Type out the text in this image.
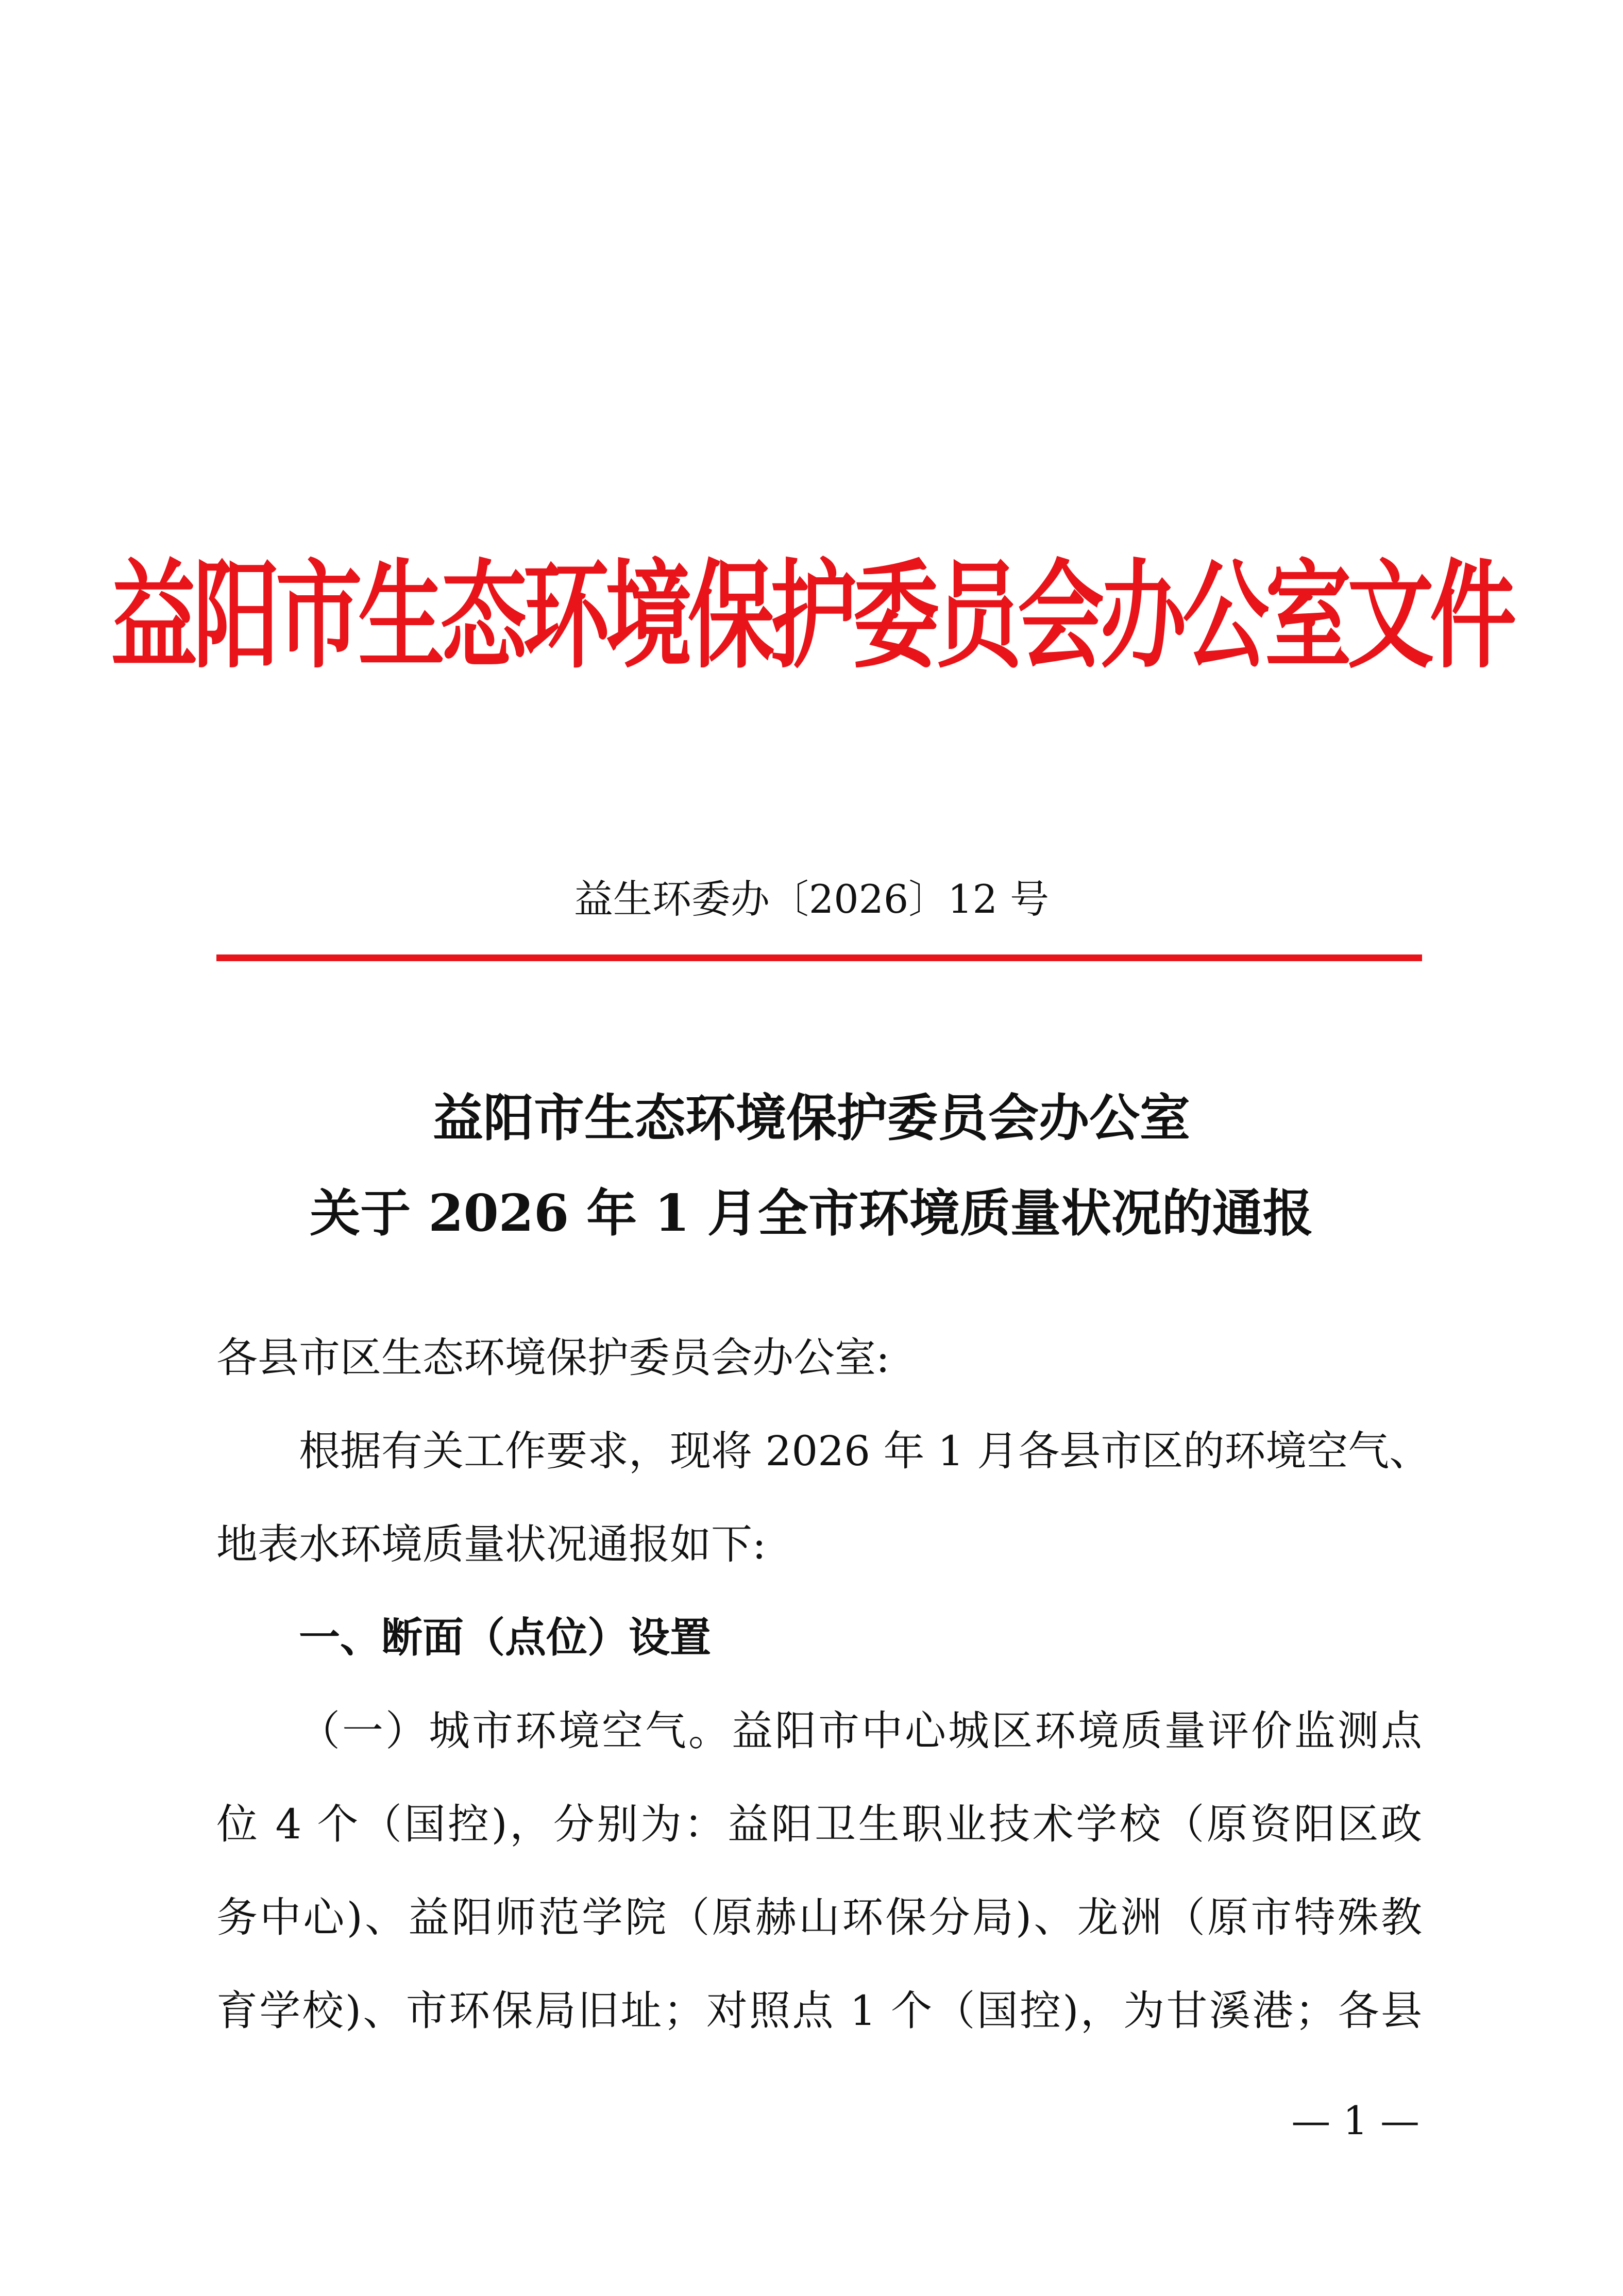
益阳市生态环境保护委员会办公室文件
益生环委办〔2026〕12 号
益阳市生态环境保护委员会办公室
关于 2026 年 1 月全市环境质量状况的通报
各县市区生态环境保护委员会办公室:
根据有关工作要求，现将 2026 年 1 月各县市区的环境空气、
地表水环境质量状况通报如下:
一、断面（点位）设置
（一）城市环境空气。益阳市中心城区环境质量评价监测点
位 4 个（国控)，分别为：益阳卫生职业技术学校（原资阳区政
务中心)、益阳师范学院（原赫山环保分局)、龙洲（原市特殊教
育学校)、市环保局旧址；对照点 1 个（国控)，为甘溪港；各县
— 1 —
